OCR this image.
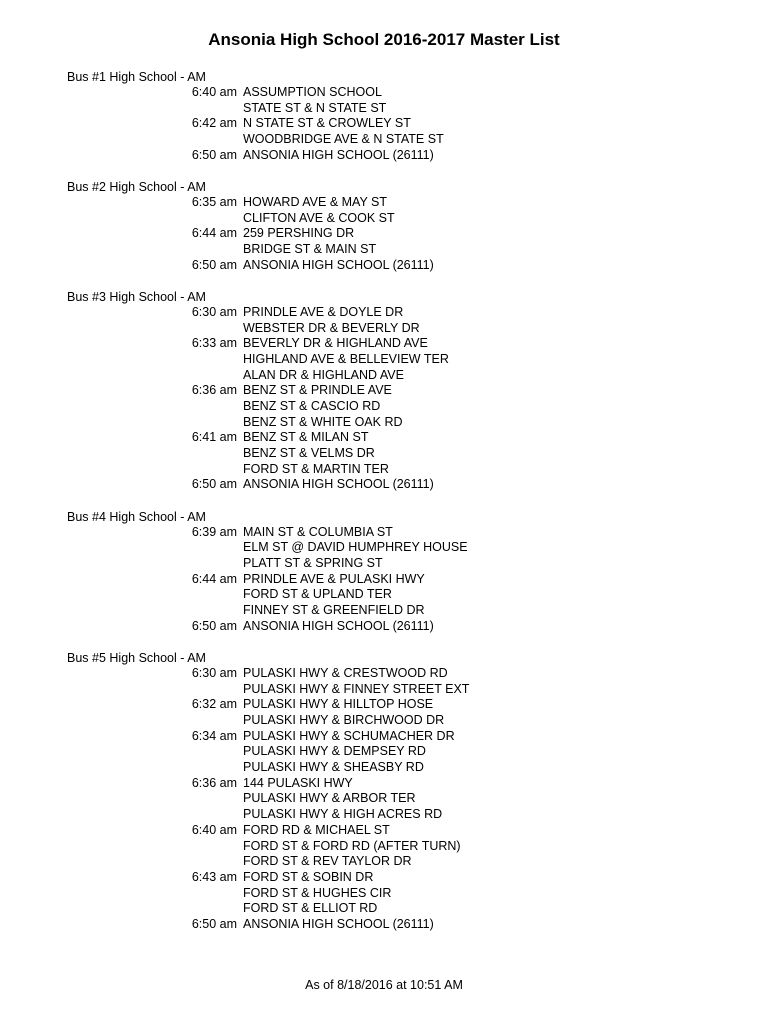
Ansonia High School 2016-2017 Master List
Bus #1 High School - AM
6:40 am ASSUMPTION SCHOOL
STATE ST & N STATE ST
6:42 am N STATE ST & CROWLEY ST
WOODBRIDGE AVE & N STATE ST
6:50 am ANSONIA HIGH SCHOOL (26111)
Bus #2 High School - AM
6:35 am HOWARD AVE & MAY ST
CLIFTON AVE & COOK ST
6:44 am 259 PERSHING DR
BRIDGE ST & MAIN ST
6:50 am ANSONIA HIGH SCHOOL (26111)
Bus #3 High School - AM
6:30 am PRINDLE AVE & DOYLE DR
WEBSTER DR & BEVERLY DR
6:33 am BEVERLY DR & HIGHLAND AVE
HIGHLAND AVE & BELLEVIEW TER
ALAN DR & HIGHLAND AVE
6:36 am BENZ ST & PRINDLE AVE
BENZ ST & CASCIO RD
BENZ ST & WHITE OAK RD
6:41 am BENZ ST & MILAN ST
BENZ ST & VELMS DR
FORD ST & MARTIN TER
6:50 am ANSONIA HIGH SCHOOL (26111)
Bus #4 High School - AM
6:39 am MAIN ST & COLUMBIA ST
ELM ST @ DAVID HUMPHREY HOUSE
PLATT ST & SPRING ST
6:44 am PRINDLE AVE & PULASKI HWY
FORD ST & UPLAND TER
FINNEY ST & GREENFIELD DR
6:50 am ANSONIA HIGH SCHOOL (26111)
Bus #5 High School - AM
6:30 am PULASKI HWY & CRESTWOOD RD
PULASKI HWY & FINNEY STREET EXT
6:32 am PULASKI HWY & HILLTOP HOSE
PULASKI HWY & BIRCHWOOD DR
6:34 am PULASKI HWY & SCHUMACHER DR
PULASKI HWY & DEMPSEY RD
PULASKI HWY & SHEASBY RD
6:36 am 144 PULASKI HWY
PULASKI HWY & ARBOR TER
PULASKI HWY & HIGH ACRES RD
6:40 am FORD RD & MICHAEL ST
FORD ST & FORD RD (AFTER TURN)
FORD ST & REV TAYLOR DR
6:43 am FORD ST & SOBIN DR
FORD ST & HUGHES CIR
FORD ST & ELLIOT RD
6:50 am ANSONIA HIGH SCHOOL (26111)
As of 8/18/2016 at 10:51 AM
